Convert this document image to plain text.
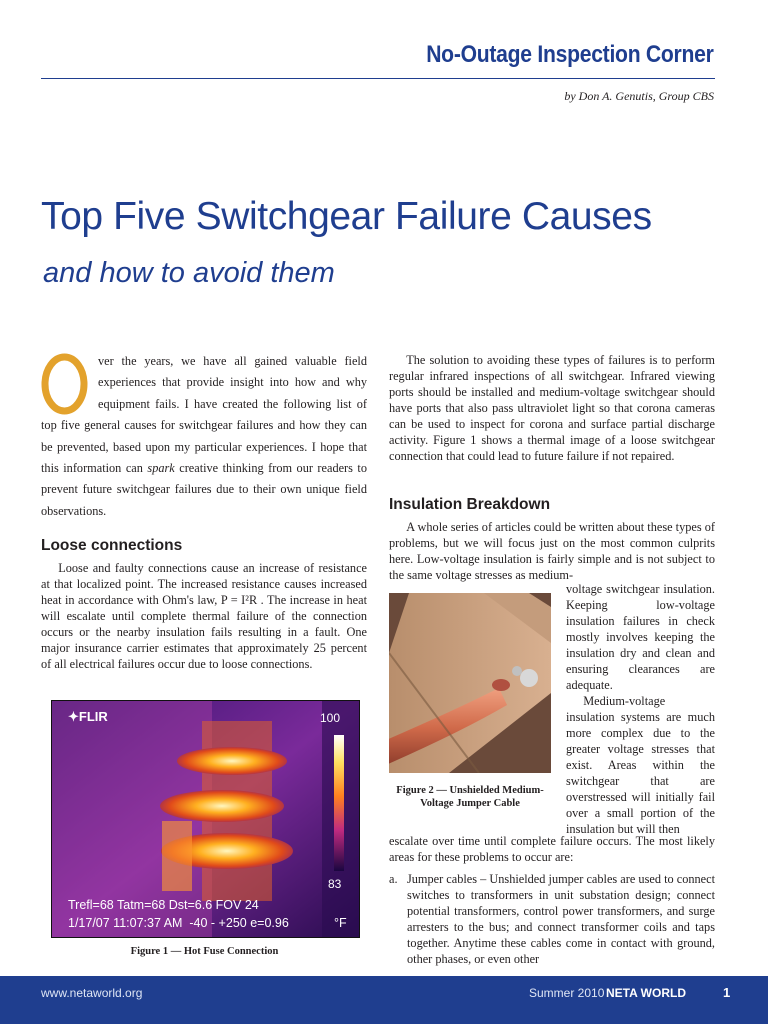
No-Outage Inspection Corner
by Don A. Genutis, Group CBS
Top Five Switchgear Failure Causes
and how to avoid them
ver the years, we have all gained valuable field experiences that provide insight into how and why equipment fails. I have created the following list of top five general causes for switchgear failures and how they can be prevented, based upon my particular experiences. I hope that this information can spark creative thinking from our readers to prevent future switchgear failures due to their own unique field observations.
Loose connections

Loose and faulty connections cause an increase of resistance at that localized point. The increased resistance causes increased heat in accordance with Ohm's law, P = I²R . The increase in heat will escalate until complete thermal failure of the connection occurs or the nearby insulation fails resulting in a fault. One major insurance carrier estimates that approximately 25 percent of all electrical failures occur due to loose connections.

✦FLIR	100
83
Trefl=68 Tatm=68 Dst=6.6 FOV 24
1/17/07 11:07:37 AM  -40 - +250 e=0.96	°F
Figure 1 — Hot Fuse Connection

The solution to avoiding these types of failures is to perform regular infrared inspections of all switchgear. Infrared viewing ports should be installed and medium-voltage switchgear should have ports that also pass ultraviolet light so that corona cameras can be used to inspect for corona and surface partial discharge activity. Figure 1 shows a thermal image of a loose switchgear connection that could lead to future failure if not repaired.

Insulation Breakdown

A whole series of articles could be written about these types of problems, but we will focus just on the most common culprits here. Low-voltage insulation is fairly simple and is not subject to the same voltage stresses as medium-

voltage switchgear insulation. Keeping low-voltage insulation failures in check mostly involves keeping the insulation dry and clean and ensuring clearances are adequate.

Medium-voltage insulation systems are much more complex due to the greater voltage stresses that exist. Areas within the switchgear that are overstressed will initially fail over a small portion of the insulation but will then

Figure 2 — Unshielded Medium-Voltage Jumper Cable

escalate over time until complete failure occurs. The most likely areas for these problems to occur are:

a. Jumper cables – Unshielded jumper cables are used to connect switches to transformers in unit substation design; connect potential transformers, control power transformers, and surge arresters to the bus; and connect transformer coils and taps together. Anytime these cables come in contact with ground, other phases, or even other
www.netaworld.org	Summer 2010 NETA WORLD	1
